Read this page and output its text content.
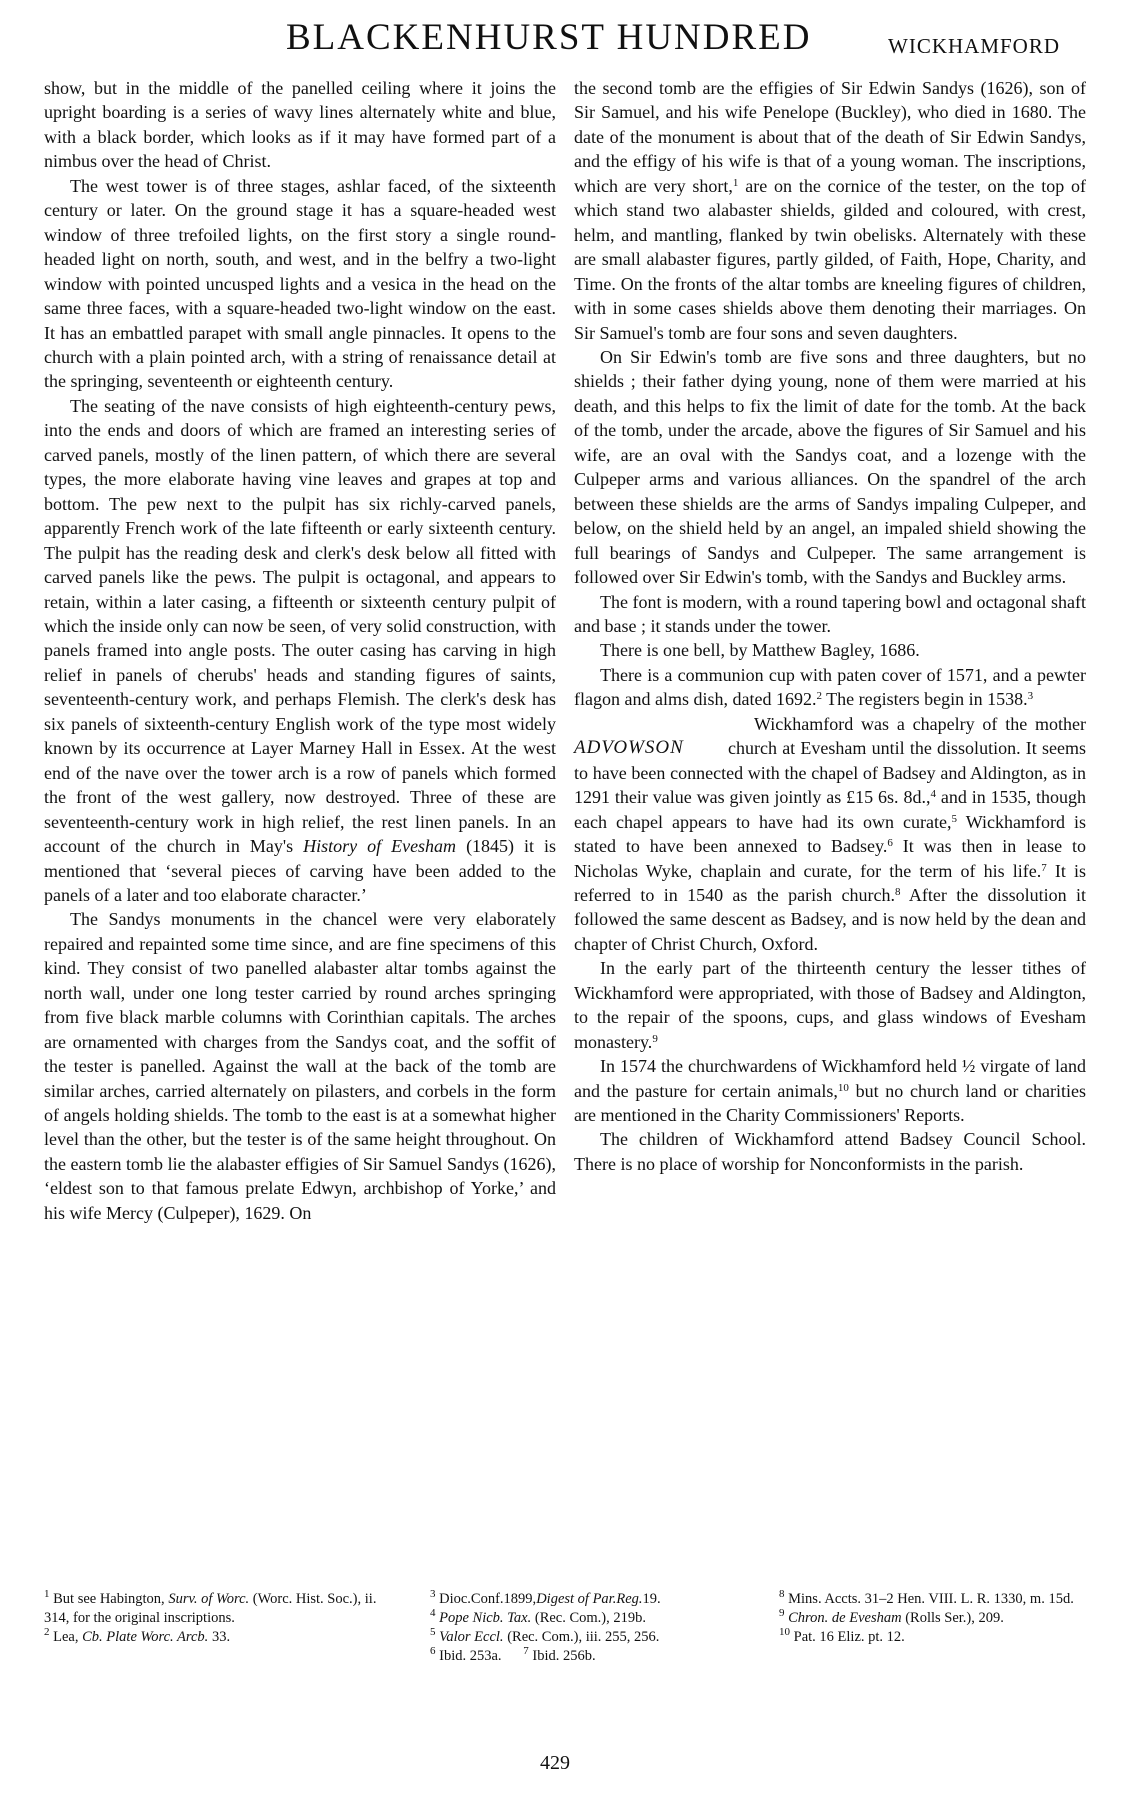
BLACKENHURST HUNDRED	WICKHAMFORD

show, but in the middle of the panelled ceiling where it joins the upright boarding is a series of wavy lines alternately white and blue, with a black border, which looks as if it may have formed part of a nimbus over the head of Christ.

The west tower is of three stages, ashlar faced, of the sixteenth century or later. On the ground stage it has a square-headed west window of three trefoiled lights, on the first story a single round-headed light on north, south, and west, and in the belfry a two-light window with pointed uncusped lights and a vesica in the head on the same three faces, with a square-headed two-light window on the east. It has an embattled parapet with small angle pinnacles. It opens to the church with a plain pointed arch, with a string of renaissance detail at the springing, seventeenth or eighteenth century.

The seating of the nave consists of high eighteenth-century pews, into the ends and doors of which are framed an interesting series of carved panels, mostly of the linen pattern, of which there are several types, the more elaborate having vine leaves and grapes at top and bottom. The pew next to the pulpit has six richly-carved panels, apparently French work of the late fifteenth or early sixteenth century. The pulpit has the reading desk and clerk's desk below all fitted with carved panels like the pews. The pulpit is octagonal, and appears to retain, within a later casing, a fifteenth or sixteenth century pulpit of which the inside only can now be seen, of very solid construction, with panels framed into angle posts. The outer casing has carving in high relief in panels of cherubs' heads and standing figures of saints, seventeenth-century work, and perhaps Flemish. The clerk's desk has six panels of sixteenth-century English work of the type most widely known by its occurrence at Layer Marney Hall in Essex. At the west end of the nave over the tower arch is a row of panels which formed the front of the west gallery, now destroyed. Three of these are seventeenth-century work in high relief, the rest linen panels. In an account of the church in May's History of Evesham (1845) it is mentioned that ‘several pieces of carving have been added to the panels of a later and too elaborate character.’

The Sandys monuments in the chancel were very elaborately repaired and repainted some time since, and are fine specimens of this kind. They consist of two panelled alabaster altar tombs against the north wall, under one long tester carried by round arches springing from five black marble columns with Corinthian capitals. The arches are ornamented with charges from the Sandys coat, and the soffit of the tester is panelled. Against the wall at the back of the tomb are similar arches, carried alternately on pilasters, and corbels in the form of angels holding shields. The tomb to the east is at a somewhat higher level than the other, but the tester is of the same height throughout. On the eastern tomb lie the alabaster effigies of Sir Samuel Sandys (1626), ‘eldest son to that famous prelate Edwyn, archbishop of Yorke,’ and his wife Mercy (Culpeper), 1629. On

the second tomb are the effigies of Sir Edwin Sandys (1626), son of Sir Samuel, and his wife Penelope (Buckley), who died in 1680. The date of the monument is about that of the death of Sir Edwin Sandys, and the effigy of his wife is that of a young woman. The inscriptions, which are very short,$^1$ are on the cornice of the tester, on the top of which stand two alabaster shields, gilded and coloured, with crest, helm, and mantling, flanked by twin obelisks. Alternately with these are small alabaster figures, partly gilded, of Faith, Hope, Charity, and Time. On the fronts of the altar tombs are kneeling figures of children, with in some cases shields above them denoting their marriages. On Sir Samuel's tomb are four sons and seven daughters.

On Sir Edwin's tomb are five sons and three daughters, but no shields ; their father dying young, none of them were married at his death, and this helps to fix the limit of date for the tomb. At the back of the tomb, under the arcade, above the figures of Sir Samuel and his wife, are an oval with the Sandys coat, and a lozenge with the Culpeper arms and various alliances. On the spandrel of the arch between these shields are the arms of Sandys impaling Culpeper, and below, on the shield held by an angel, an impaled shield showing the full bearings of Sandys and Culpeper. The same arrangement is followed over Sir Edwin's tomb, with the Sandys and Buckley arms.

The font is modern, with a round tapering bowl and octagonal shaft and base ; it stands under the tower.

There is one bell, by Matthew Bagley, 1686.

There is a communion cup with paten cover of 1571, and a pewter flagon and alms dish, dated 1692.$^2$ The registers begin in 1538.$^3$

ADVOWSON

Wickhamford was a chapelry of the mother church at Evesham until the dissolution. It seems to have been connected with the chapel of Badsey and Aldington, as in 1291 their value was given jointly as £15 6s. 8d.,$^4$ and in 1535, though each chapel appears to have had its own curate,$^5$ Wickhamford is stated to have been annexed to Badsey.$^6$ It was then in lease to Nicholas Wyke, chaplain and curate, for the term of his life.$^7$ It is referred to in 1540 as the parish church.$^8$ After the dissolution it followed the same descent as Badsey, and is now held by the dean and chapter of Christ Church, Oxford.

In the early part of the thirteenth century the lesser tithes of Wickhamford were appropriated, with those of Badsey and Aldington, to the repair of the spoons, cups, and glass windows of Evesham monastery.$^9$

In 1574 the churchwardens of Wickhamford held ½ virgate of land and the pasture for certain animals,$^{10}$ but no church land or charities are mentioned in the Charity Commissioners' Reports.

The children of Wickhamford attend Badsey Council School. There is no place of worship for Nonconformists in the parish.

$^1$ But see Habington, Surv. of Worc. (Worc. Hist. Soc.), ii. 314, for the original inscriptions.
$^2$ Lea, Cb. Plate Worc. Arcb. 33.
$^3$ Dioc.Conf.1899,Digest of Par.Reg.19.
$^4$ Pope Nicb. Tax. (Rec. Com.), 219b.
$^5$ Valor Eccl. (Rec. Com.), iii. 255, 256.
$^6$ Ibid. 253a. $^7$ Ibid. 256b.
$^8$ Mins. Accts. 31–2 Hen. VIII. L. R. 1330, m. 15d.
$^9$ Chron. de Evesham (Rolls Ser.), 209.
$^{10}$ Pat. 16 Eliz. pt. 12.
429
